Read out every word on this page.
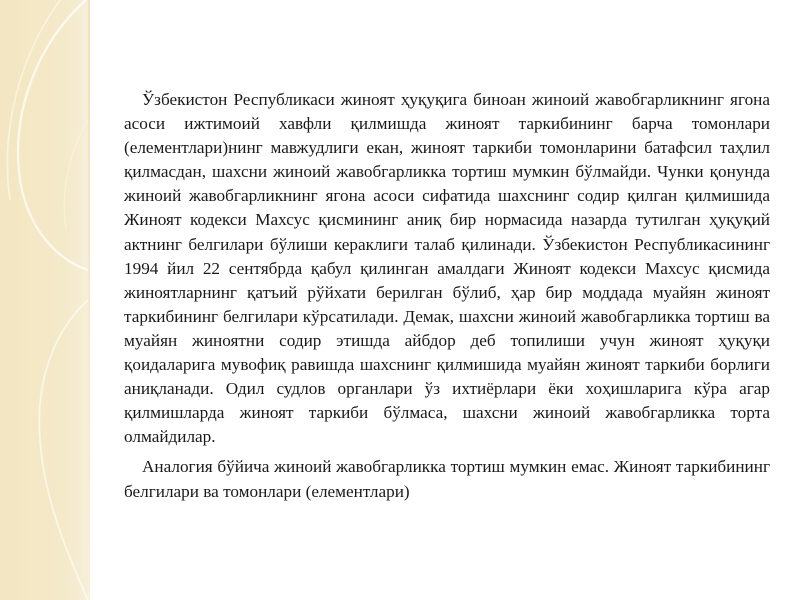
Ўзбекистон Республикаси жиноят ҳуқуқига биноан жиноий жавобгарликнинг ягона асоси ижтимоий хавфли қилмишда жиноят таркибининг барча томонлари (елементлари)нинг мавжудлиги екан, жиноят таркиби томонларини батафсил таҳлил қилмасдан, шахсни жиноий жавобгарликка тортиш мумкин бўлмайди. Чунки қонунда жиноий жавобгарликнинг ягона асоси сифатида шахснинг содир қилган қилмишида Жиноят кодекси Махсус қисмининг аниқ бир нормасида назарда тутилган ҳуқуқий актнинг белгилари бўлиши кераклиги талаб қилинади. Ўзбекистон Республикасининг 1994 йил 22 сентябрда қабул қилинган амалдаги Жиноят кодекси Махсус қисмида жиноятларнинг қатъий рўйхати берилган бўлиб, ҳар бир моддада муайян жиноят таркибининг белгилари кўрсатилади. Демак, шахсни жиноий жавобгарликка тортиш ва муайян жиноятни содир этишда айбдор деб топилиши учун жиноят ҳуқуқи қоидаларига мувофиқ равишда шахснинг қилмишида муайян жиноят таркиби борлиги аниқланади. Одил судлов органлари ўз ихтиёрлари ёки хоҳишларига кўра агар қилмишларда жиноят таркиби бўлмаса, шахсни жиноий жавобгарликка торта олмайдилар.

Аналогия бўйича жиноий жавобгарликка тортиш мумкин емас. Жиноят таркибининг белгилари ва томонлари (елементлари)
